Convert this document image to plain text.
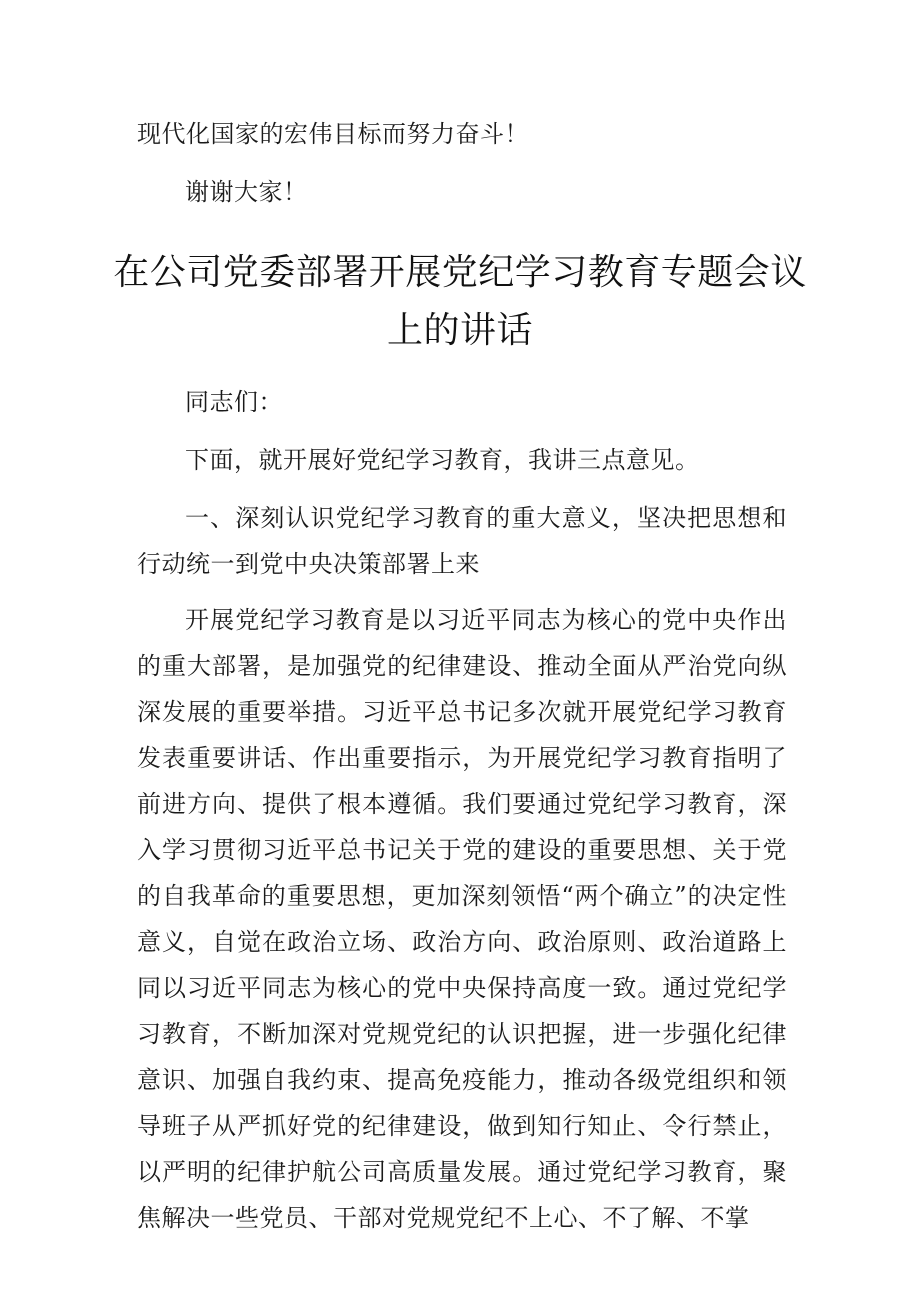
现代化国家的宏伟目标而努力奋斗！

谢谢大家！

在公司党委部署开展党纪学习教育专题会议上的讲话

同志们：

下面，就开展好党纪学习教育，我讲三点意见。

一、深刻认识党纪学习教育的重大意义，坚决把思想和行动统一到党中央决策部署上来

开展党纪学习教育是以习近平同志为核心的党中央作出的重大部署，是加强党的纪律建设、推动全面从严治党向纵深发展的重要举措。习近平总书记多次就开展党纪学习教育发表重要讲话、作出重要指示，为开展党纪学习教育指明了前进方向、提供了根本遵循。我们要通过党纪学习教育，深入学习贯彻习近平总书记关于党的建设的重要思想、关于党的自我革命的重要思想，更加深刻领悟“两个确立”的决定性意义，自觉在政治立场、政治方向、政治原则、政治道路上同以习近平同志为核心的党中央保持高度一致。通过党纪学习教育，不断加深对党规党纪的认识把握，进一步强化纪律意识、加强自我约束、提高免疫能力，推动各级党组织和领导班子从严抓好党的纪律建设，做到知行知止、令行禁止，以严明的纪律护航公司高质量发展。通过党纪学习教育，聚焦解决一些党员、干部对党规党纪不上心、不了解、不掌
